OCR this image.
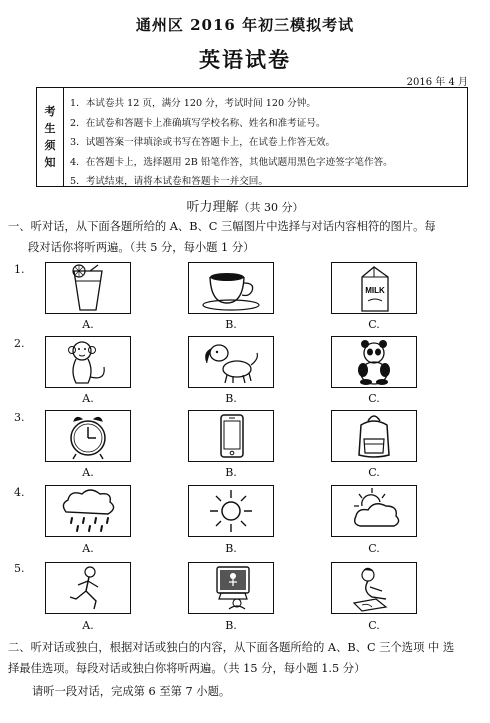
通州区 2016 年初三模拟考试
英语试卷
2016 年 4 月
考
生
须
知
1．本试卷共 12 页，满分 120 分，考试时间 120 分钟。
2．在试卷和答题卡上准确填写学校名称、姓名和准考证号。
3．试题答案一律填涂或书写在答题卡上，在试卷上作答无效。
4．在答题卡上，选择题用 2B 铅笔作答，其他试题用黑色字迹签字笔作答。
5．考试结束，请将本试卷和答题卡一并交回。
听力理解（共 30 分）
一、听对话，从下面各题所给的 A、B、C 三幅图片中选择与对话内容相符的图片。每
段对话你将听两遍。（共 5 分，每小题 1 分）
1.
2.
3.
4.
5.
MILK
A.	B.	C.
A.	B.	C.
A.	B.	C.
A.	B.	C.
A.	B.	C.
二、听对话或独白，根据对话或独白的内容，从下面各题所给的 A、B、C 三个选项 中 选
择最佳选项。每段对话或独白你将听两遍。（共 15 分，每小题 1.5 分）
请听一段对话，完成第 6 至第 7 小题。
